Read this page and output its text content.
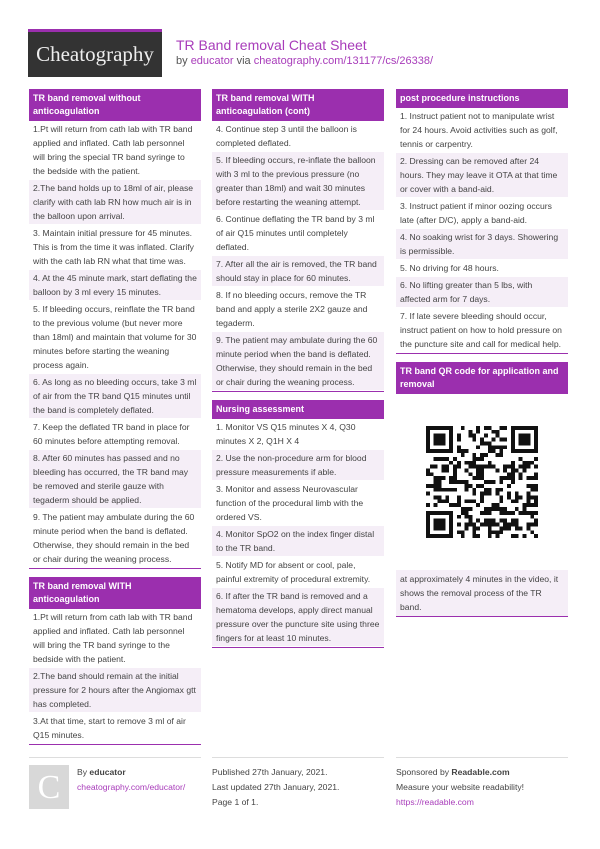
Cheatography	TR Band removal Cheat Sheet
by educator via cheatography.com/131177/cs/26338/
TR band removal without anticoagulation
1.Pt will return from cath lab with TR band applied and inflated. Cath lab personnel will bring the special TR band syringe to the bedside with the patient.
2.The band holds up to 18ml of air, please clarify with cath lab RN how much air is in the balloon upon arrival.
3. Maintain initial pressure for 45 minutes. This is from the time it was inflated. Clarify with the cath lab RN what that time was.
4. At the 45 minute mark, start deflating the balloon by 3 ml every 15 minutes.
5. If bleeding occurs, reinflate the TR band to the previous volume (but never more than 18ml) and maintain that volume for 30 minutes before starting the weaning process again.
6. As long as no bleeding occurs, take 3 ml of air from the TR band Q15 minutes until the band is completely deflated.
7. Keep the deflated TR band in place for 60 minutes before attempting removal.
8. After 60 minutes has passed and no bleeding has occurred, the TR band may be removed and sterile gauze with tegaderm should be applied.
9. The patient may ambulate during the 60 minute period when the band is deflated. Otherwise, they should remain in the bed or chair during the weaning process.
TR band removal WITH anticoagulation
1.Pt will return from cath lab with TR band applied and inflated. Cath lab personnel will bring the TR band syringe to the bedside with the patient.
2.The band should remain at the initial pressure for 2 hours after the Angiomax gtt has completed.
3.At that time, start to remove 3 ml of air Q15 minutes.
TR band removal WITH anticoagulation (cont)
4. Continue step 3 until the balloon is completed deflated.
5. If bleeding occurs, re-inflate the balloon with 3 ml to the previous pressure (no greater than 18ml) and wait 30 minutes before restarting the weaning attempt.
6. Continue deflating the TR band by 3 ml of air Q15 minutes until completely deflated.
7. After all the air is removed, the TR band should stay in place for 60 minutes.
8. If no bleeding occurs, remove the TR band and apply a sterile 2X2 gauze and tegaderm.
9. The patient may ambulate during the 60 minute period when the band is deflated. Otherwise, they should remain in the bed or chair during the weaning process.
Nursing assessment
1. Monitor VS Q15 minutes X 4, Q30 minutes X 2, Q1H X 4
2. Use the non-procedure arm for blood pressure measurements if able.
3. Monitor and assess Neurovascular function of the procedural limb with the ordered VS.
4. Monitor SpO2 on the index finger distal to the TR band.
5. Notify MD for absent or cool, pale, painful extremity of procedural extremity.
6. If after the TR band is removed and a hematoma develops, apply direct manual pressure over the puncture site using three fingers for at least 10 minutes.
post procedure instructions
1. Instruct patient not to manipulate wrist for 24 hours. Avoid activities such as golf, tennis or carpentry.
2. Dressing can be removed after 24 hours. They may leave it OTA at that time or cover with a band-aid.
3. Instruct patient if minor oozing occurs late (after D/C), apply a band-aid.
4. No soaking wrist for 3 days. Showering is permissible.
5. No driving for 48 hours.
6. No lifting greater than 5 lbs, with affected arm for 7 days.
7. If late severe bleeding should occur, instruct patient on how to hold pressure on the puncture site and call for medical help.
TR band QR code for application and removal
at approximately 4 minutes in the video, it shows the removal process of the TR band.
C	By educator
cheatography.com/educator/
Published 27th January, 2021.
Last updated 27th January, 2021.
Page 1 of 1.
Sponsored by Readable.com
Measure your website readability!
https://readable.com
